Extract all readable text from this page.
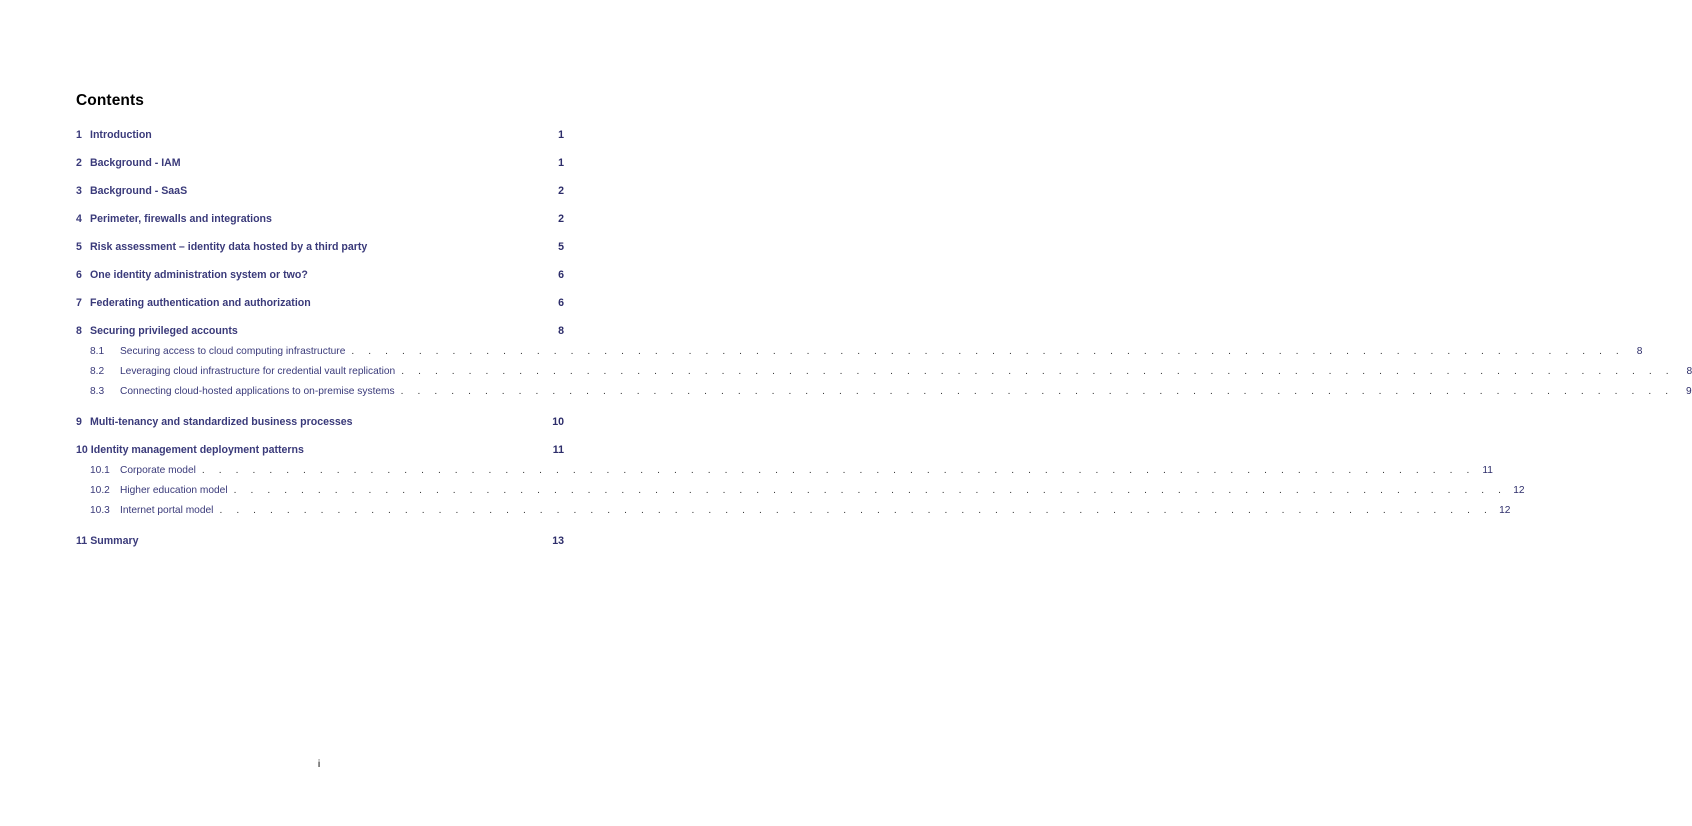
Contents
1 Introduction	1
2 Background - IAM	1
3 Background - SaaS	2
4 Perimeter, firewalls and integrations	2
5 Risk assessment – identity data hosted by a third party	5
6 One identity administration system or two?	6
7 Federating authentication and authorization	6
8 Securing privileged accounts	8
8.1	Securing access to cloud computing infrastructure . . . . . . . . . . . . . . . . . . . . . . . . . . . . . . . . . . . . . . . . . . . . . . . . . . . . . . . . . . . . . . . . . . . . . . . . . . . .	8
8.2	Leveraging cloud infrastructure for credential vault replication . . . . . . . . . . . . . . . . . . . . . . . . . . . . . . . . . . . . . . . . . . . . . . . . . . . . . . . . . . . . . . . . . . . . . . . . . . . .	8
8.3	Connecting cloud-hosted applications to on-premise systems . . . . . . . . . . . . . . . . . . . . . . . . . . . . . . . . . . . . . . . . . . . . . . . . . . . . . . . . . . . . . . . . . . . . . . . . . . . .	9
9 Multi-tenancy and standardized business processes	10
10 Identity management deployment patterns	11
10.1 Corporate model . . . . . . . . . . . . . . . . . . . . . . . . . . . . . . . . . . . . . . . . . . . . . . . . . . . . . . . . . . . . . . . . . . . . . . . . . . . . 11
10.2 Higher education model . . . . . . . . . . . . . . . . . . . . . . . . . . . . . . . . . . . . . . . . . . . . . . . . . . . . . . . . . . . . . . . . . . . . . . . . . . . . 12
10.3 Internet portal model . . . . . . . . . . . . . . . . . . . . . . . . . . . . . . . . . . . . . . . . . . . . . . . . . . . . . . . . . . . . . . . . . . . . . . . . . . . . 12
11 Summary	13
i
